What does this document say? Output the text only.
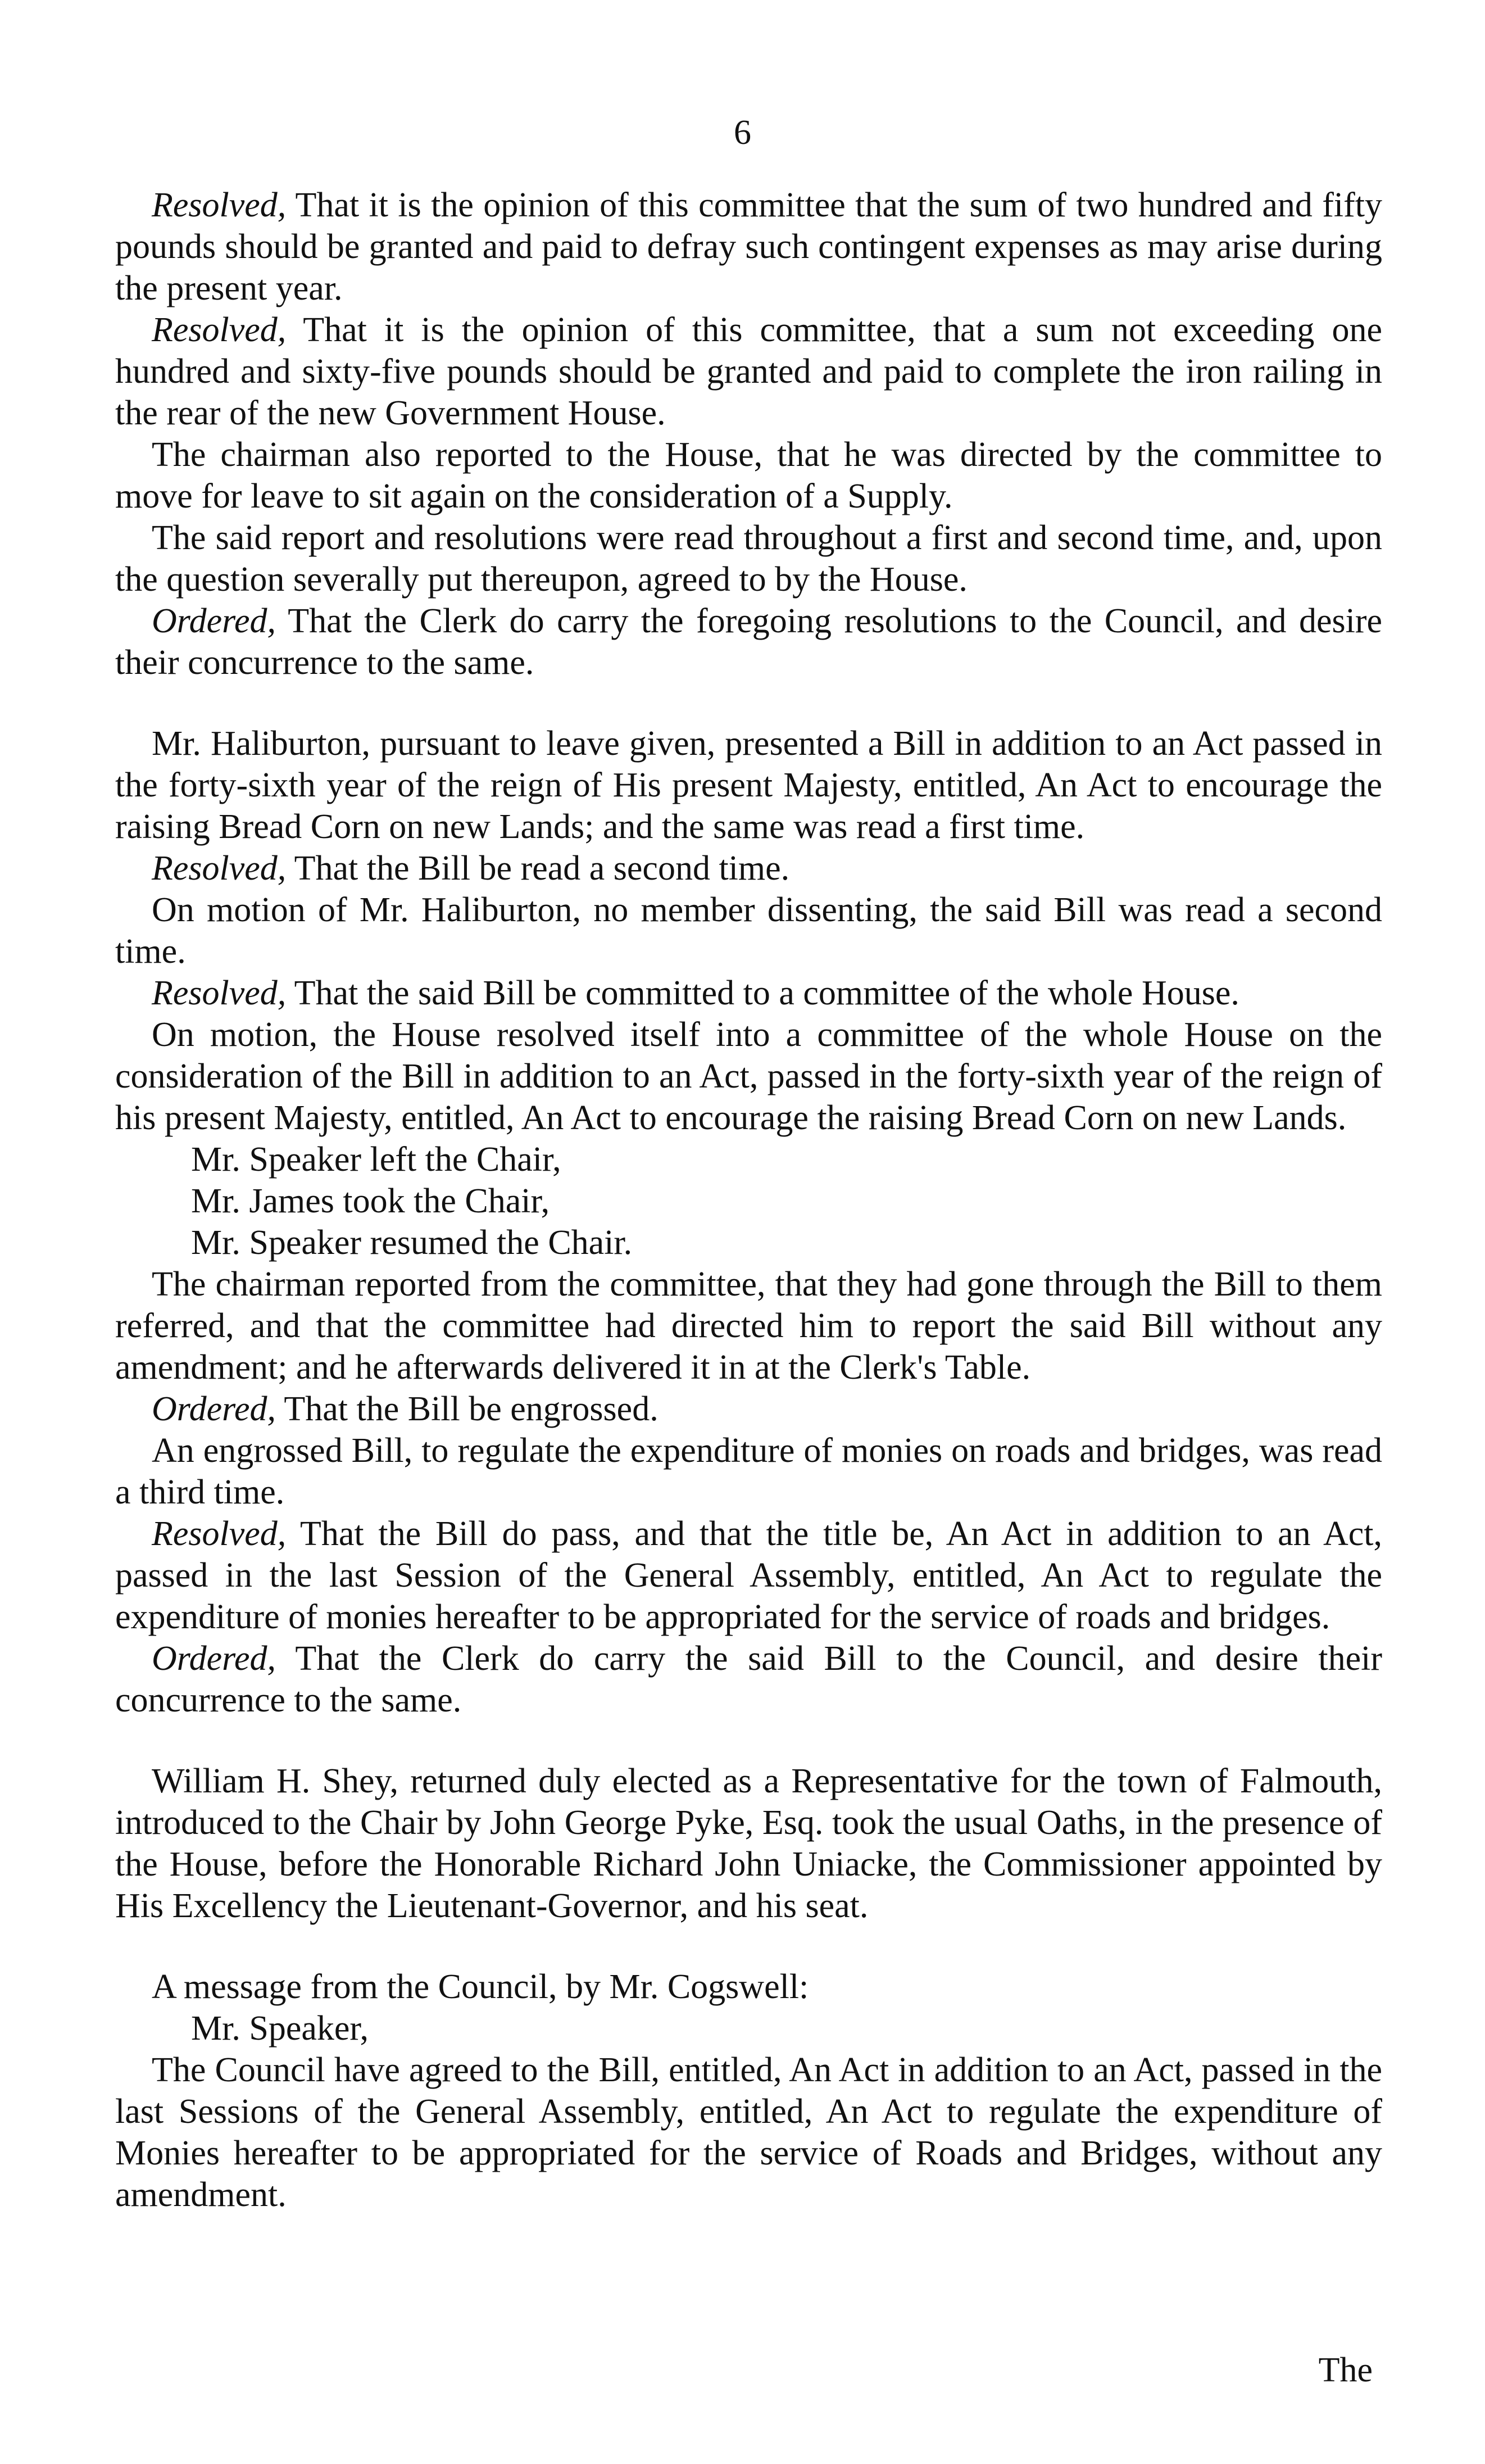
6

Resolved, That it is the opinion of this committee that the sum of two hundred and fifty pounds should be granted and paid to defray such contingent expenses as may arise during the present year.

Resolved, That it is the opinion of this committee, that a sum not exceeding one hundred and sixty-five pounds should be granted and paid to complete the iron railing in the rear of the new Government House.

The chairman also reported to the House, that he was directed by the committee to move for leave to sit again on the consideration of a Supply.

The said report and resolutions were read throughout a first and second time, and, upon the question severally put thereupon, agreed to by the House.

Ordered, That the Clerk do carry the foregoing resolutions to the Council, and desire their concurrence to the same.

Mr. Haliburton, pursuant to leave given, presented a Bill in addition to an Act passed in the forty-sixth year of the reign of His present Majesty, entitled, An Act to encourage the raising Bread Corn on new Lands; and the same was read a first time.

Resolved, That the Bill be read a second time.

On motion of Mr. Haliburton, no member dissenting, the said Bill was read a second time.

Resolved, That the said Bill be committed to a committee of the whole House.

On motion, the House resolved itself into a committee of the whole House on the consideration of the Bill in addition to an Act, passed in the forty-sixth year of the reign of his present Majesty, entitled, An Act to encourage the raising Bread Corn on new Lands.

Mr. Speaker left the Chair,

Mr. James took the Chair,

Mr. Speaker resumed the Chair.

The chairman reported from the committee, that they had gone through the Bill to them referred, and that the committee had directed him to report the said Bill without any amendment; and he afterwards delivered it in at the Clerk's Table.

Ordered, That the Bill be engrossed.

An engrossed Bill, to regulate the expenditure of monies on roads and bridges, was read a third time.

Resolved, That the Bill do pass, and that the title be, An Act in addition to an Act, passed in the last Session of the General Assembly, entitled, An Act to regulate the expenditure of monies hereafter to be appropriated for the service of roads and bridges.

Ordered, That the Clerk do carry the said Bill to the Council, and desire their concurrence to the same.

William H. Shey, returned duly elected as a Representative for the town of Falmouth, introduced to the Chair by John George Pyke, Esq. took the usual Oaths, in the presence of the House, before the Honorable Richard John Uniacke, the Commissioner appointed by His Excellency the Lieutenant-Governor, and his seat.

A message from the Council, by Mr. Cogswell:

Mr. Speaker,

The Council have agreed to the Bill, entitled, An Act in addition to an Act, passed in the last Sessions of the General Assembly, entitled, An Act to regulate the expenditure of Monies hereafter to be appropriated for the service of Roads and Bridges, without any amendment.

The
